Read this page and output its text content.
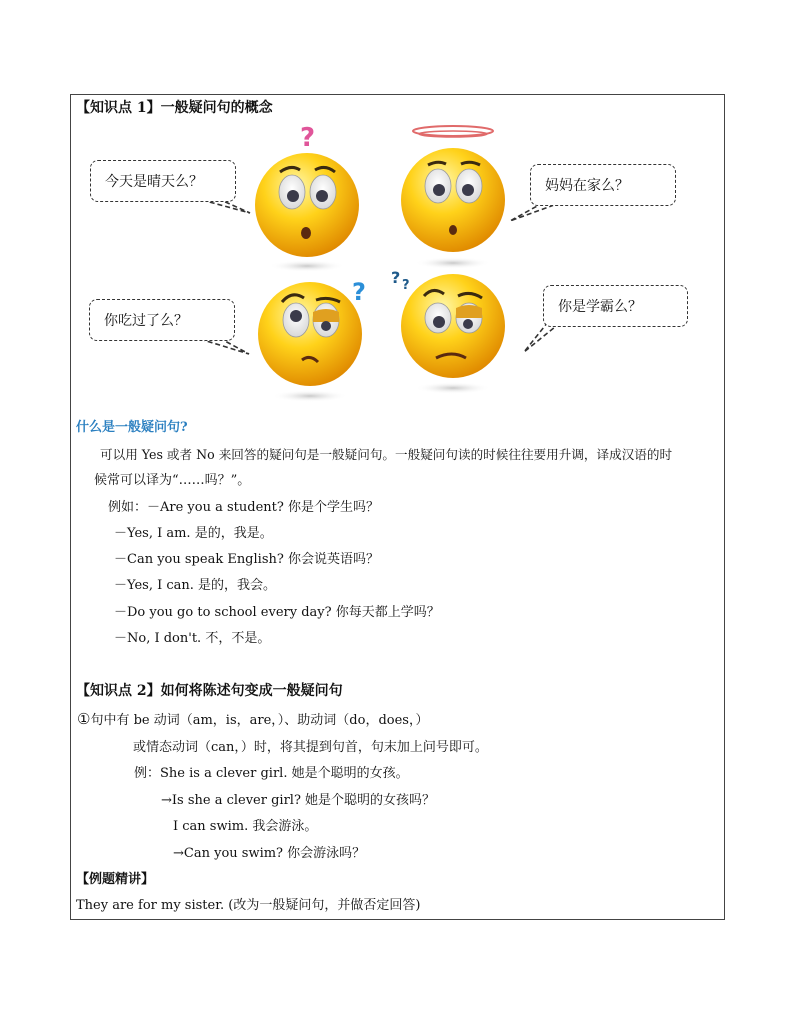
【知识点 1】一般疑问句的概念
?
?
? ?
今天是晴天么？	妈妈在家么？
你吃过了么？
你是学霸么？
什么是一般疑问句?
可以用 Yes 或者 No 来回答的疑问句是一般疑问句。一般疑问句读的时候往往要用升调，译成汉语的时
候常可以译为“……吗？”。
例如：－Are you a student? 你是个学生吗？
－Yes, I am. 是的，我是。
－Can you speak English? 你会说英语吗？
－Yes, I can. 是的，我会。
－Do you go to school every day? 你每天都上学吗？
－No, I don't. 不，不是。
【知识点 2】如何将陈述句变成一般疑问句
①句中有 be 动词（am，is，are，）、助动词（do，does，）
或情态动词（can，）时，将其提到句首，句末加上问号即可。
例：She is a clever girl. 她是个聪明的女孩。
→Is she a clever girl? 她是个聪明的女孩吗？
I can swim. 我会游泳。
→Can you swim? 你会游泳吗？
【例题精讲】
They are for my sister. (改为一般疑问句，并做否定回答)
